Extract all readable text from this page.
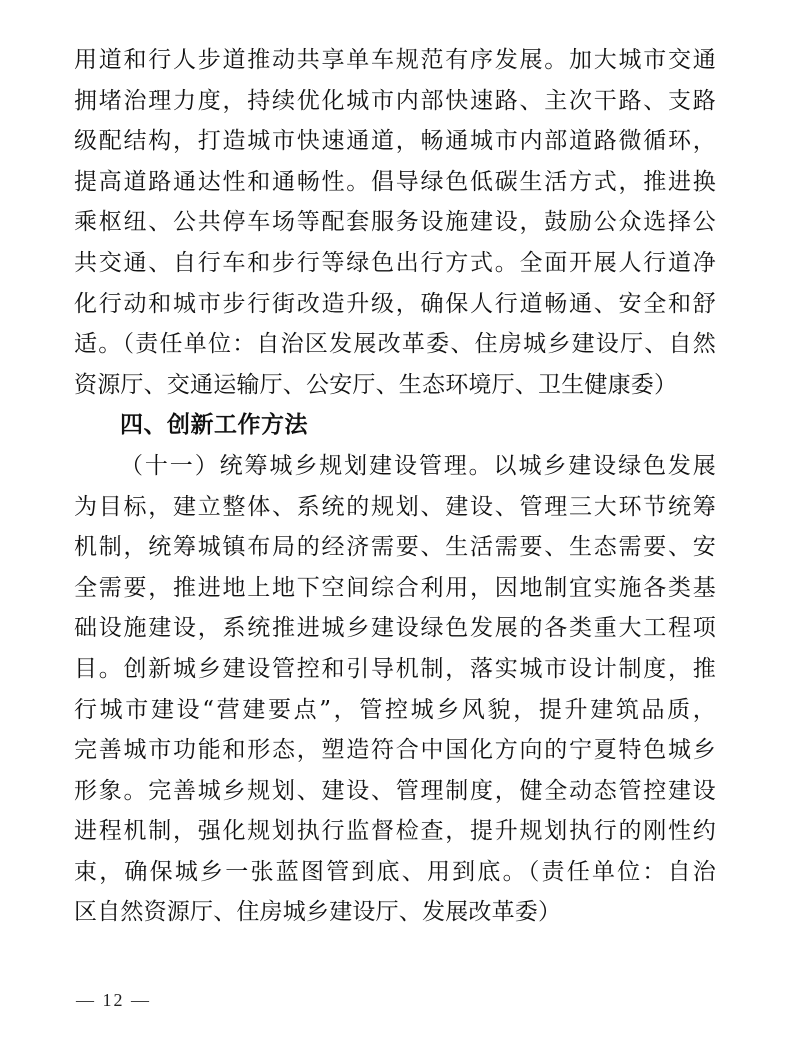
用道和行人步道推动共享单车规范有序发展。加大城市交通
拥堵治理力度，持续优化城市内部快速路、主次干路、支路
级配结构，打造城市快速通道，畅通城市内部道路微循环，
提高道路通达性和通畅性。倡导绿色低碳生活方式，推进换
乘枢纽、公共停车场等配套服务设施建设，鼓励公众选择公
共交通、自行车和步行等绿色出行方式。全面开展人行道净
化行动和城市步行街改造升级，确保人行道畅通、安全和舒
适。（责任单位：自治区发展改革委、住房城乡建设厅、自然
资源厅、交通运输厅、公安厅、生态环境厅、卫生健康委）
四、创新工作方法
（十一）统筹城乡规划建设管理。以城乡建设绿色发展
为目标，建立整体、系统的规划、建设、管理三大环节统筹
机制，统筹城镇布局的经济需要、生活需要、生态需要、安
全需要，推进地上地下空间综合利用，因地制宜实施各类基
础设施建设，系统推进城乡建设绿色发展的各类重大工程项
目。创新城乡建设管控和引导机制，落实城市设计制度，推
行城市建设“营建要点”，管控城乡风貌，提升建筑品质，
完善城市功能和形态，塑造符合中国化方向的宁夏特色城乡
形象。完善城乡规划、建设、管理制度，健全动态管控建设
进程机制，强化规划执行监督检查，提升规划执行的刚性约
束，确保城乡一张蓝图管到底、用到底。（责任单位：自治
区自然资源厅、住房城乡建设厅、发展改革委）
— 12 —
